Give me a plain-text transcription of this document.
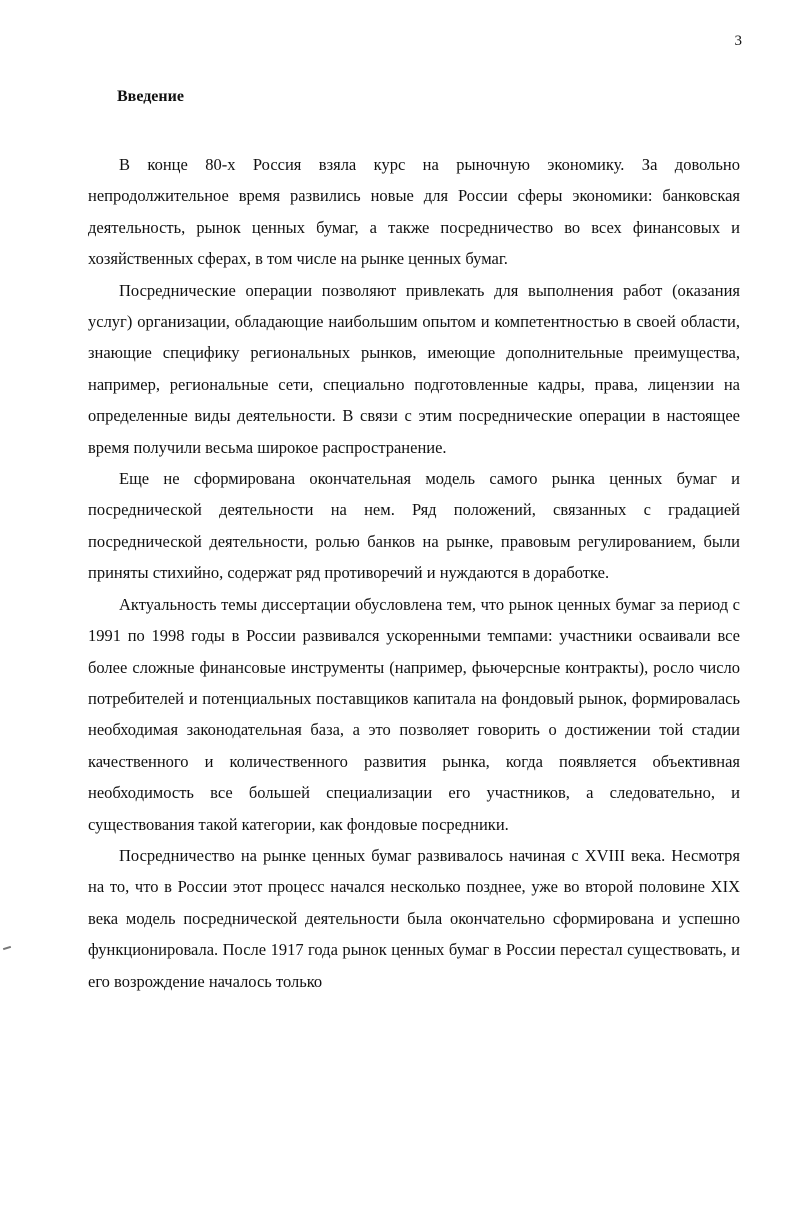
3
Введение

В конце 80-х Россия взяла курс на рыночную экономику. За довольно непродолжительное время развились новые для России сферы экономики: банковская деятельность, рынок ценных бумаг, а также посредничество во всех финансовых и хозяйственных сферах, в том числе на рынке ценных бумаг.

Посреднические операции позволяют привлекать для выполнения работ (оказания услуг) организации, обладающие наибольшим опытом и компетентностью в своей области, знающие специфику региональных рынков, имеющие дополнительные преимущества, например, региональные сети, специально подготовленные кадры, права, лицензии на определенные виды деятельности. В связи с этим посреднические операции в настоящее время получили весьма широкое распространение.

Еще не сформирована окончательная модель самого рынка ценных бумаг и посреднической деятельности на нем. Ряд положений, связанных с градацией посреднической деятельности, ролью банков на рынке, правовым регулированием, были приняты стихийно, содержат ряд противоречий и нуждаются в доработке.

Актуальность темы диссертации обусловлена тем, что рынок ценных бумаг за период с 1991 по 1998 годы в России развивался ускоренными темпами: участники осваивали все более сложные финансовые инструменты (например, фьючерсные контракты), росло число потребителей и потенциальных поставщиков капитала на фондовый рынок, формировалась необходимая законодательная база, а это позволяет говорить о достижении той стадии качественного и количественного развития рынка, когда появляется объективная необходимость все большей специализации его участников, а следовательно, и существования такой категории, как фондовые посредники.

Посредничество на рынке ценных бумаг развивалось начиная с XVIII века. Несмотря на то, что в России этот процесс начался несколько позднее, уже во второй половине XIX века модель посреднической деятельности была окончательно сформирована и успешно функционировала. После 1917 года рынок ценных бумаг в России перестал существовать, и его возрождение началось только
